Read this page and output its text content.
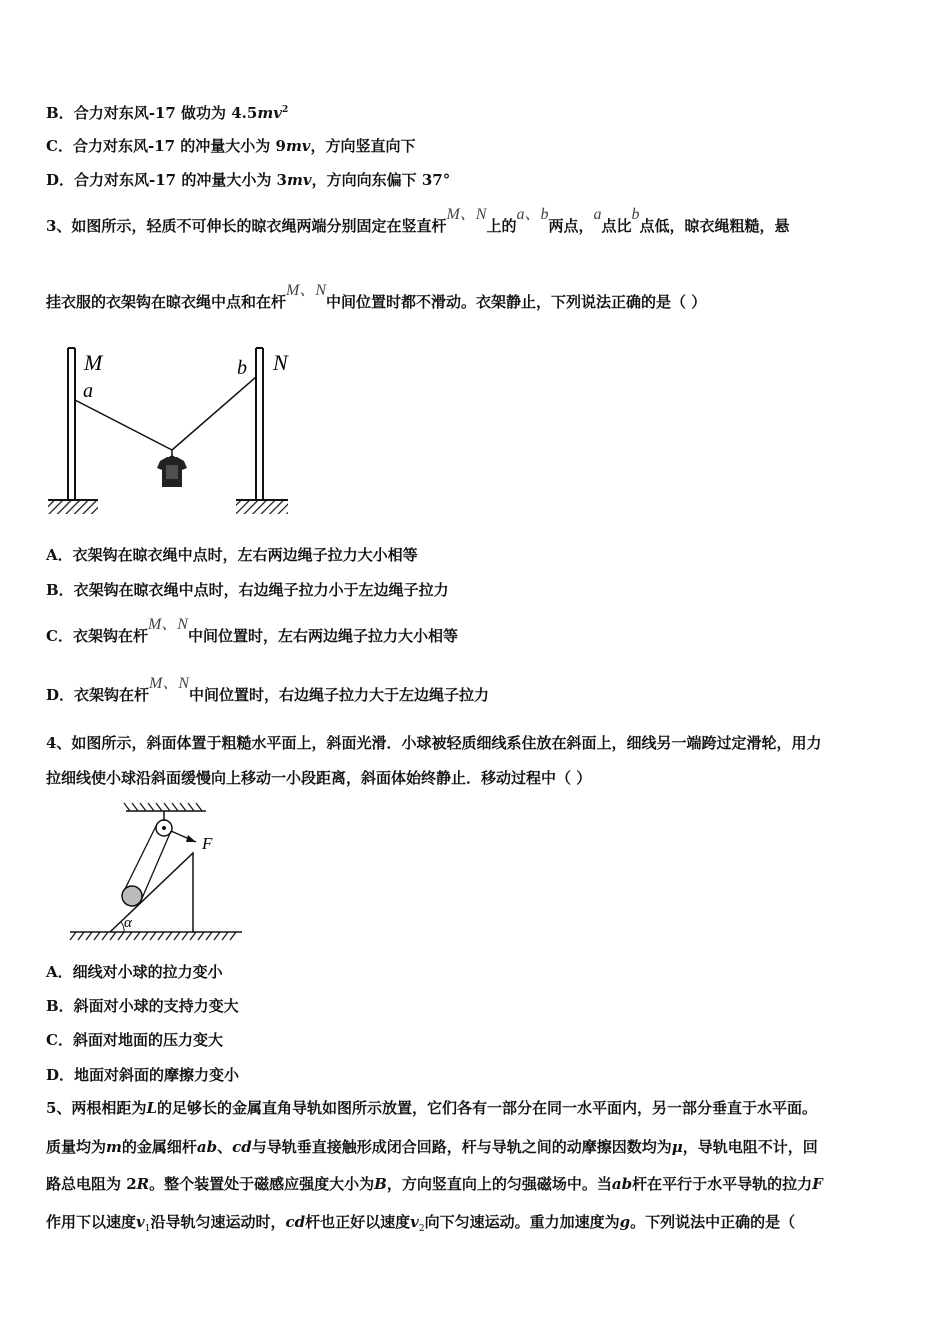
B．合力对东风-17 做功为 $4.5mv^2$
C．合力对东风-17 的冲量大小为 9mv，方向竖直向下
D．合力对东风-17 的冲量大小为 3mv，方向向东偏下 37°
3、如图所示，轻质不可伸长的晾衣绳两端分别固定在竖直杆M、N上的a、b两点，a点比b点低，晾衣绳粗糙，悬
挂衣服的衣架钩在晾衣绳中点和在杆M、N中间位置时都不滑动。衣架静止，下列说法正确的是（ ）
M
a
b N
A．衣架钩在晾衣绳中点时，左右两边绳子拉力大小相等
B．衣架钩在晾衣绳中点时，右边绳子拉力小于左边绳子拉力
C．衣架钩在杆M、N中间位置时，左右两边绳子拉力大小相等
D．衣架钩在杆M、N中间位置时，右边绳子拉力大于左边绳子拉力
4、如图所示，斜面体置于粗糙水平面上，斜面光滑．小球被轻质细线系住放在斜面上，细线另一端跨过定滑轮，用力
拉细线使小球沿斜面缓慢向上移动一小段距离，斜面体始终静止．移动过程中（ ）
F
α
A．细线对小球的拉力变小
B．斜面对小球的支持力变大
C．斜面对地面的压力变大
D．地面对斜面的摩擦力变小
5、两根相距为L的足够长的金属直角导轨如图所示放置，它们各有一部分在同一水平面内，另一部分垂直于水平面。
质量均为m的金属细杆ab、cd与导轨垂直接触形成闭合回路，杆与导轨之间的动摩擦因数均为μ，导轨电阻不计，回
路总电阻为 2R。整个装置处于磁感应强度大小为B，方向竖直向上的匀强磁场中。当ab杆在平行于水平导轨的拉力F
作用下以速度$v_1$沿导轨匀速运动时，cd杆也正好以速度$v_2$向下匀速运动。重力加速度为g。下列说法中正确的是（
